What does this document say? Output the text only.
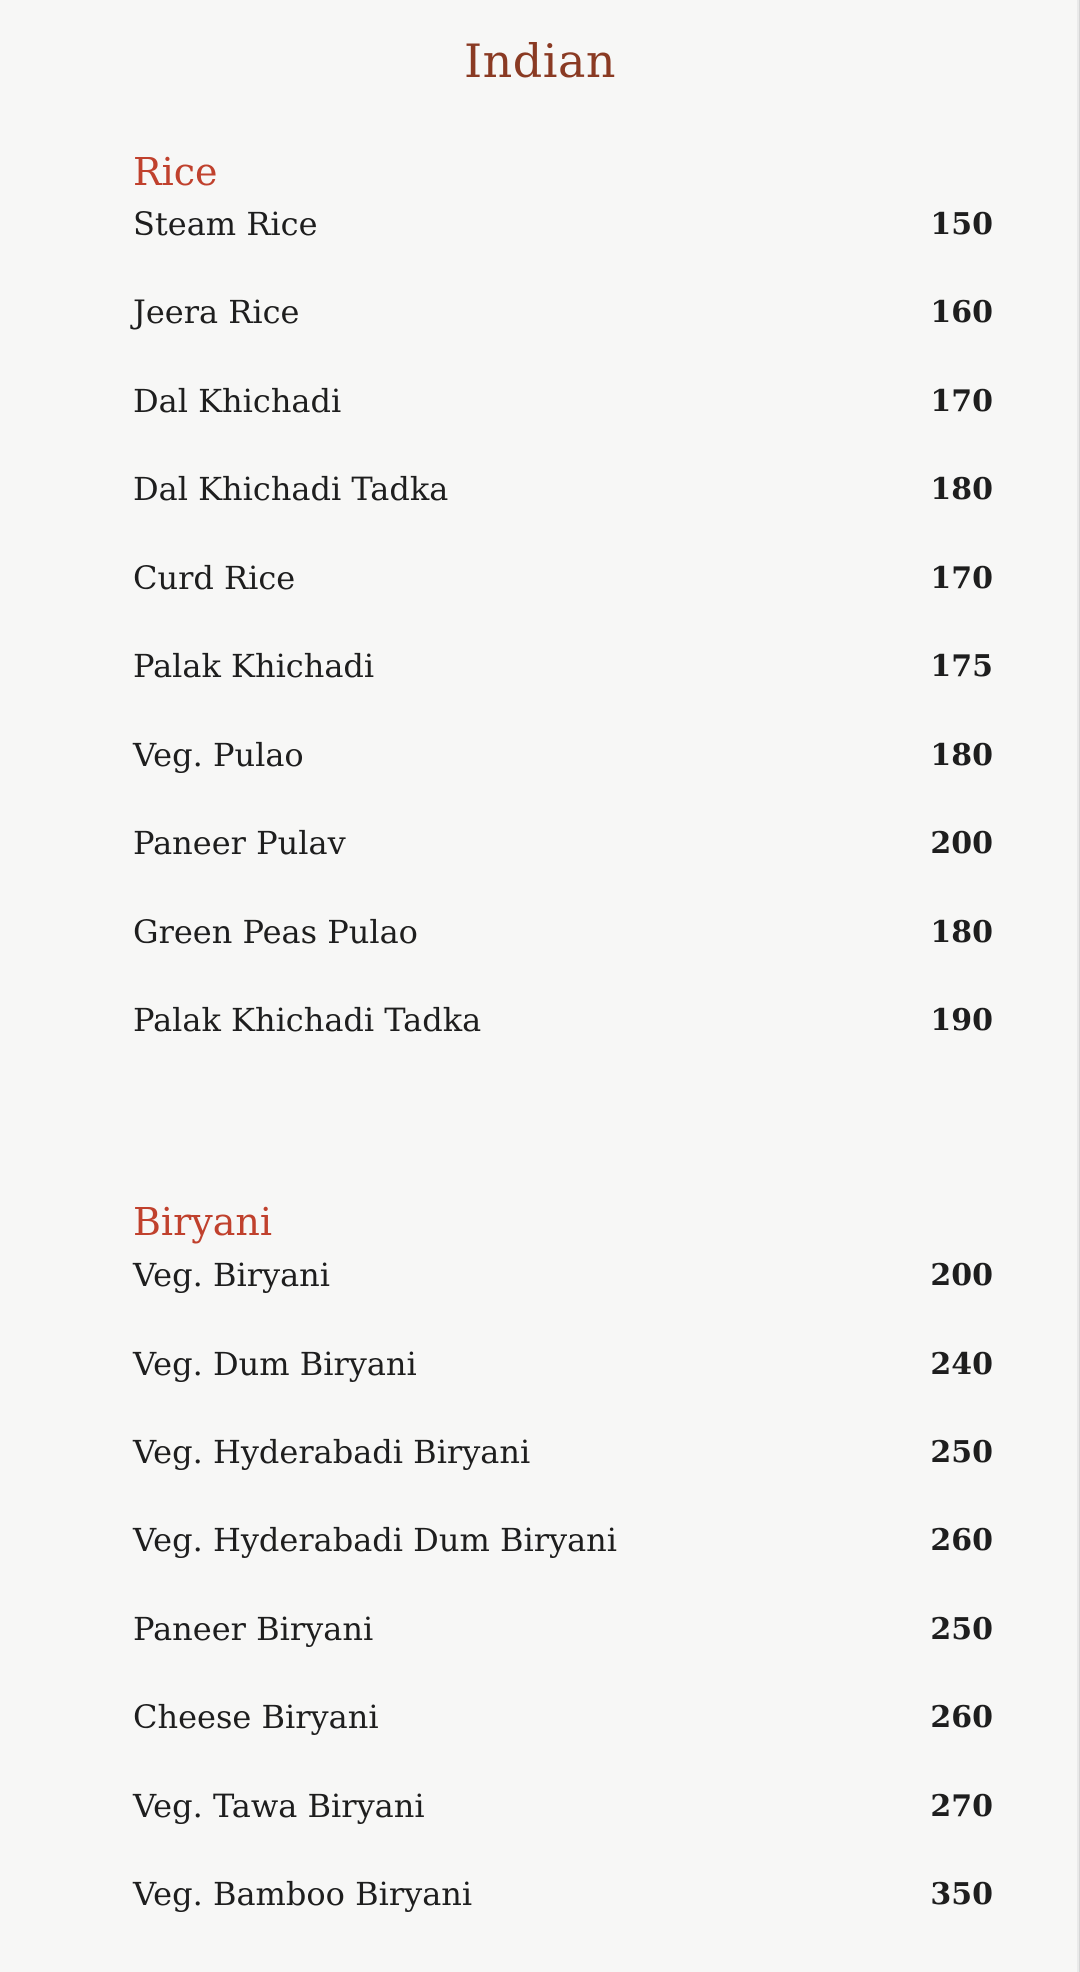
Indian
Rice
Steam Rice	150
Jeera Rice	160
Dal Khichadi	170
Dal Khichadi Tadka	180
Curd Rice	170
Palak Khichadi	175
Veg. Pulao	180
Paneer Pulav	200
Green Peas Pulao	180
Palak Khichadi Tadka	190
Biryani
Veg. Biryani	200
Veg. Dum Biryani	240
Veg. Hyderabadi Biryani	250
Veg. Hyderabadi Dum Biryani	260
Paneer Biryani	250
Cheese Biryani	260
Veg. Tawa Biryani	270
Veg. Bamboo Biryani	350
